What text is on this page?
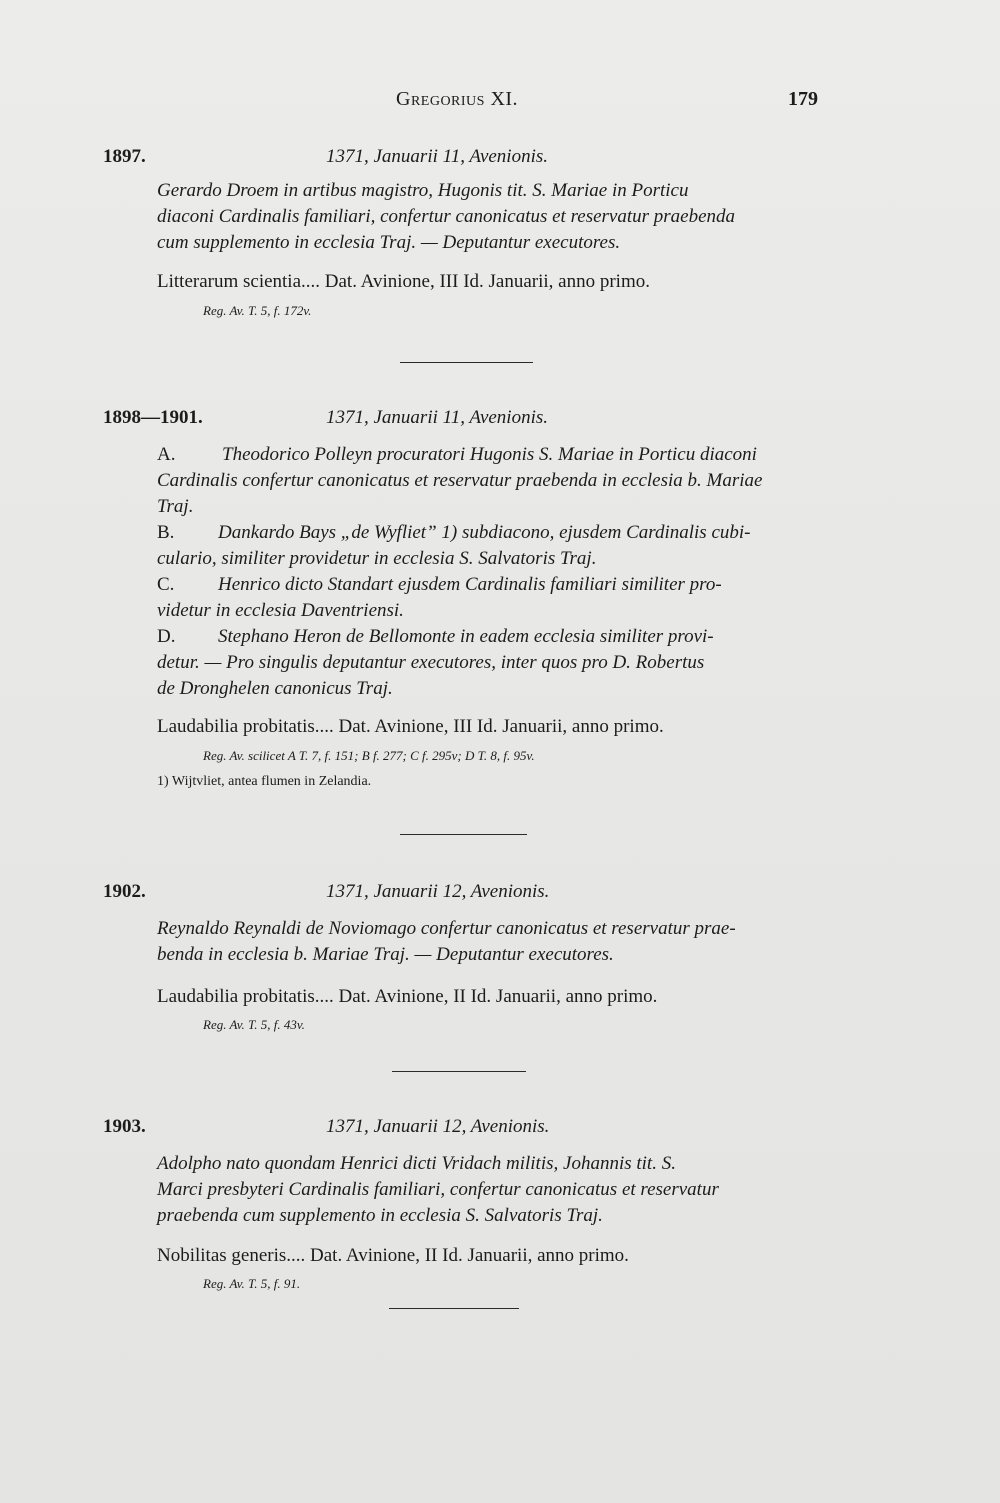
Gregorius XI.	179
1897.	1371, Januarii 11, Avenionis.
Gerardo Droem in artibus magistro, Hugonis tit. S. Mariae in Porticu
diaconi Cardinalis familiari, confertur canonicatus et reservatur praebenda
cum supplemento in ecclesia Traj. — Deputantur executores.
Litterarum scientia.... Dat. Avinione, III Id. Januarii, anno primo.
Reg. Av. T. 5, f. 172v.
1898—1901.	1371, Januarii 11, Avenionis.
A. Theodorico Polleyn procuratori Hugonis S. Mariae in Porticu diaconi
Cardinalis confertur canonicatus et reservatur praebenda in ecclesia b. Mariae
Traj.
B. Dankardo Bays „de Wyfliet” 1) subdiacono, ejusdem Cardinalis cubi-
culario, similiter providetur in ecclesia S. Salvatoris Traj.
C. Henrico dicto Standart ejusdem Cardinalis familiari similiter pro-
videtur in ecclesia Daventriensi.
D. Stephano Heron de Bellomonte in eadem ecclesia similiter provi-
detur. — Pro singulis deputantur executores, inter quos pro D. Robertus
de Dronghelen canonicus Traj.
Laudabilia probitatis.... Dat. Avinione, III Id. Januarii, anno primo.
Reg. Av. scilicet A T. 7, f. 151; B f. 277; C f. 295v; D T. 8, f. 95v.
1) Wijtvliet, antea flumen in Zelandia.
1902.	1371, Januarii 12, Avenionis.
Reynaldo Reynaldi de Noviomago confertur canonicatus et reservatur prae-
benda in ecclesia b. Mariae Traj. — Deputantur executores.
Laudabilia probitatis.... Dat. Avinione, II Id. Januarii, anno primo.
Reg. Av. T. 5, f. 43v.
1903.	1371, Januarii 12, Avenionis.
Adolpho nato quondam Henrici dicti Vridach militis, Johannis tit. S.
Marci presbyteri Cardinalis familiari, confertur canonicatus et reservatur
praebenda cum supplemento in ecclesia S. Salvatoris Traj.
Nobilitas generis.... Dat. Avinione, II Id. Januarii, anno primo.
Reg. Av. T. 5, f. 91.
